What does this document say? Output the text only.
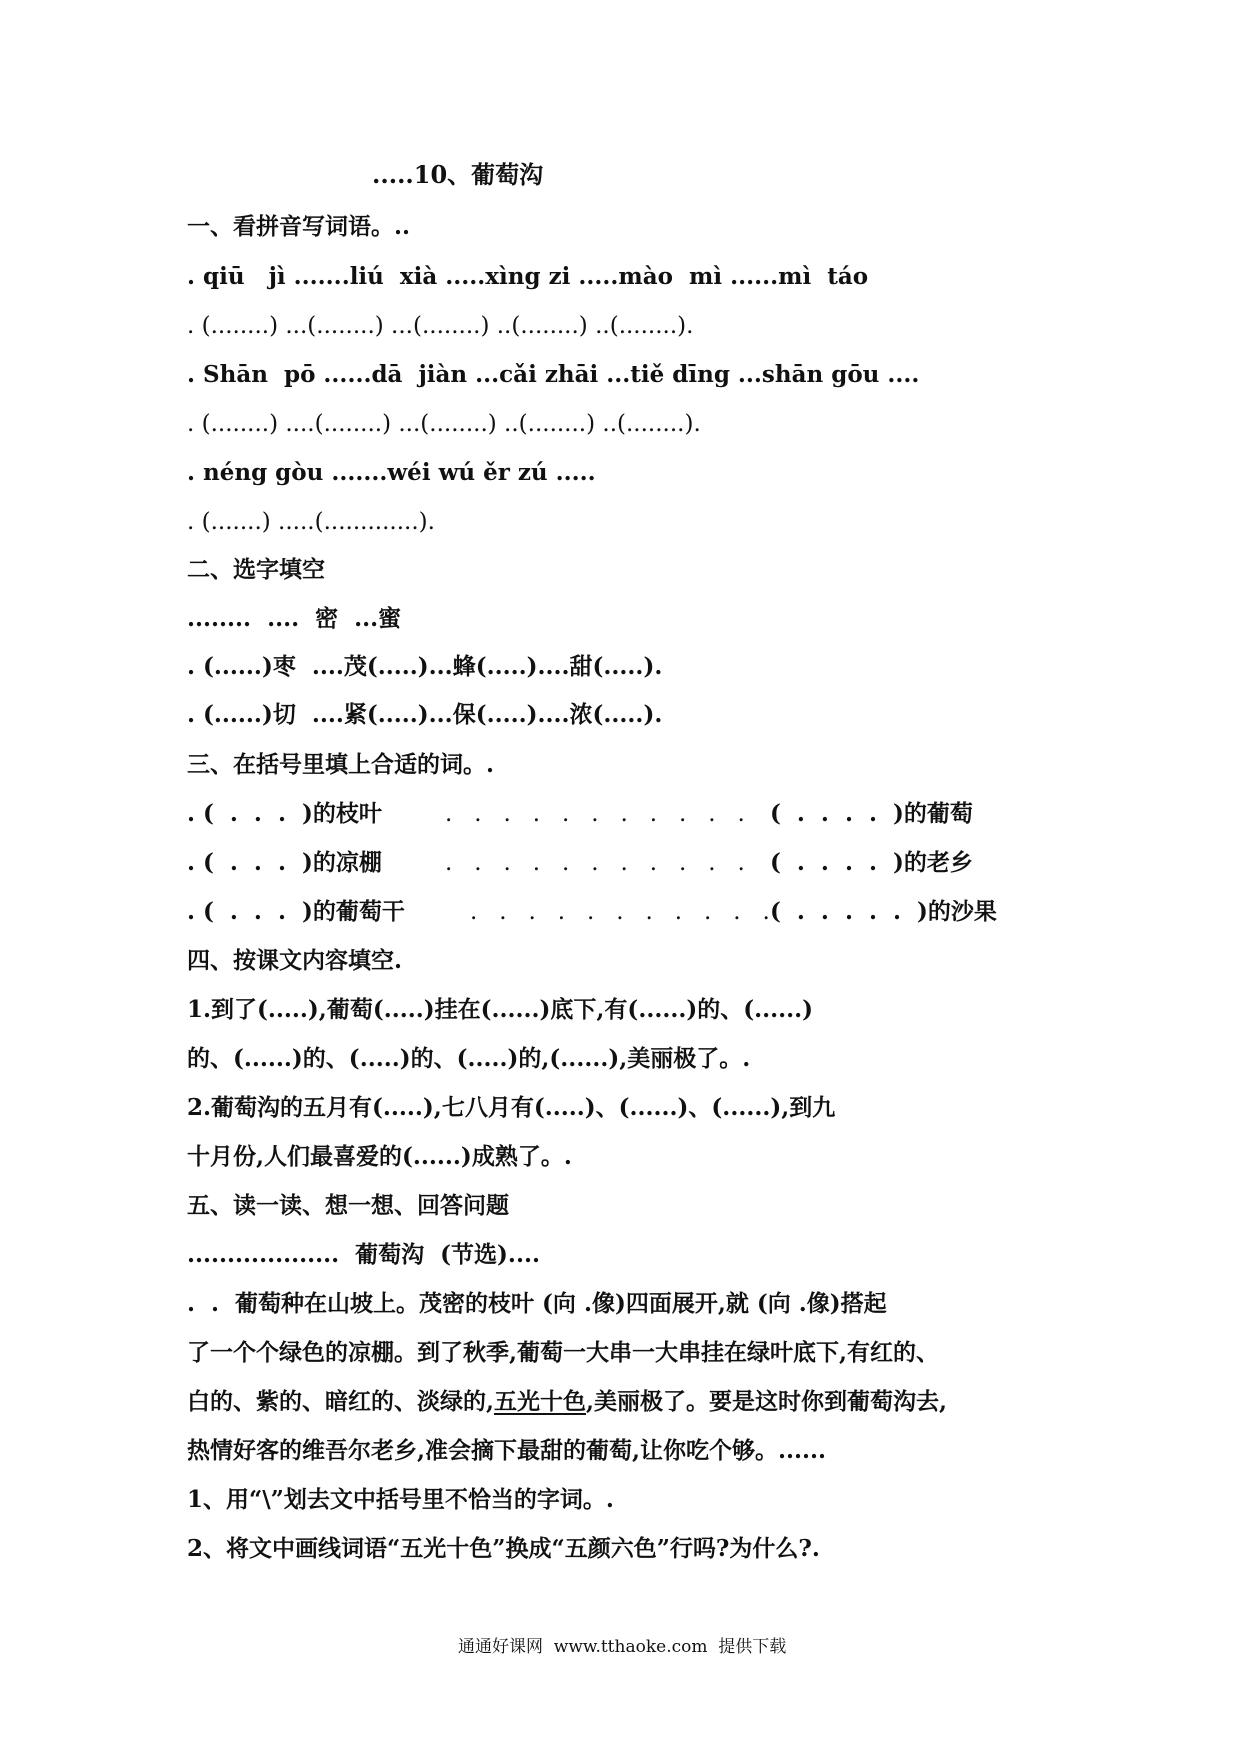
.....10、葡萄沟
一、看拼音写词语。..
. qiū   jì .......liú  xià .....xìng zi .....mào  mì ......mì  táo
. (........) ...(........) ...(........) ..(........) ..(........).
. Shān  pō ......dā  jiàn ...cǎi zhāi ...tiě dīng ...shān gōu ....
. (........) ....(........) ...(........) ..(........) ..(........).
. néng gòu .......wéi wú ěr zú .....
. (.......) .....(.............).
二、选字填空
........  ....  密  ...蜜
. (......)枣  ....茂(.....)...蜂(.....)....甜(.....).
. (......)切  ....紧(.....)...保(.....)....浓(.....).
三、在括号里填上合适的词。.
. (  .  .  .  )的枝叶	.   .   .   .   .   .   .   .   .   .   . (  .  .  .  .  )的葡萄
. (  .  .  .  )的凉棚	.   .   .   .   .   .   .   .   .   .   . (  .  .  .  .  )的老乡
. (  .  .  .  )的葡萄干	.   .   .   .   .   .   .   .   .   .   . (  .  .  .  .  .  )的沙果
四、按课文内容填空.
1.到了(.....),葡萄(.....)挂在(......)底下,有(......)的、(......)
的、(......)的、(.....)的、(.....)的,(......),美丽极了。.
2.葡萄沟的五月有(.....),七八月有(.....)、(......)、(......),到九
十月份,人们最喜爱的(......)成熟了。.
五、读一读、想一想、回答问题
...................  葡萄沟  (节选)....
.  .  葡萄种在山坡上。茂密的枝叶 (向 .像)四面展开,就 (向 .像)搭起
了一个个绿色的凉棚。到了秋季,葡萄一大串一大串挂在绿叶底下,有红的、
白的、紫的、暗红的、淡绿的,五光十色,美丽极了。要是这时你到葡萄沟去,
热情好客的维吾尔老乡,准会摘下最甜的葡萄,让你吃个够。......
1、用“\”划去文中括号里不恰当的字词。.
2、将文中画线词语“五光十色”换成“五颜六色”行吗?为什么?.
通通好课网  www.tthaoke.com  提供下载
